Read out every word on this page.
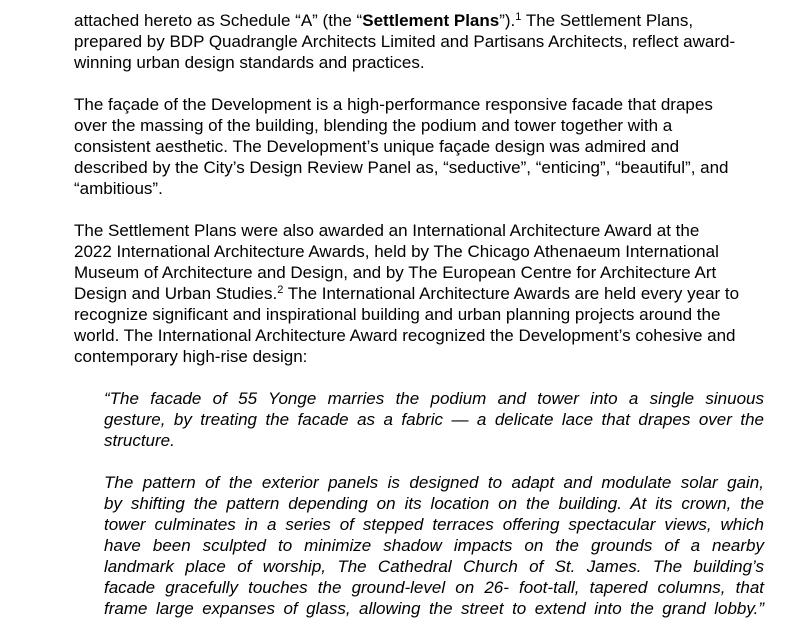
attached hereto as Schedule “A” (the “Settlement Plans”).$^1$ The Settlement Plans,
prepared by BDP Quadrangle Architects Limited and Partisans Architects, reflect award-
winning urban design standards and practices.
The façade of the Development is a high-performance responsive facade that drapes
over the massing of the building, blending the podium and tower together with a
consistent aesthetic. The Development’s unique façade design was admired and
described by the City’s Design Review Panel as, “seductive”, “enticing”, “beautiful”, and
“ambitious”.
The Settlement Plans were also awarded an International Architecture Award at the
2022 International Architecture Awards, held by The Chicago Athenaeum International
Museum of Architecture and Design, and by The European Centre for Architecture Art
Design and Urban Studies.$^2$ The International Architecture Awards are held every year to
recognize significant and inspirational building and urban planning projects around the
world. The International Architecture Award recognized the Development’s cohesive and
contemporary high-rise design:
“The facade of 55 Yonge marries the podium and tower into a single sinuous
gesture, by treating the facade as a fabric — a delicate lace that drapes over the
structure.
The pattern of the exterior panels is designed to adapt and modulate solar gain,
by shifting the pattern depending on its location on the building. At its crown, the
tower culminates in a series of stepped terraces offering spectacular views, which
have been sculpted to minimize shadow impacts on the grounds of a nearby
landmark place of worship, The Cathedral Church of St. James. The building’s
facade gracefully touches the ground-level on 26- foot-tall, tapered columns, that
frame large expanses of glass, allowing the street to extend into the grand lobby.”
